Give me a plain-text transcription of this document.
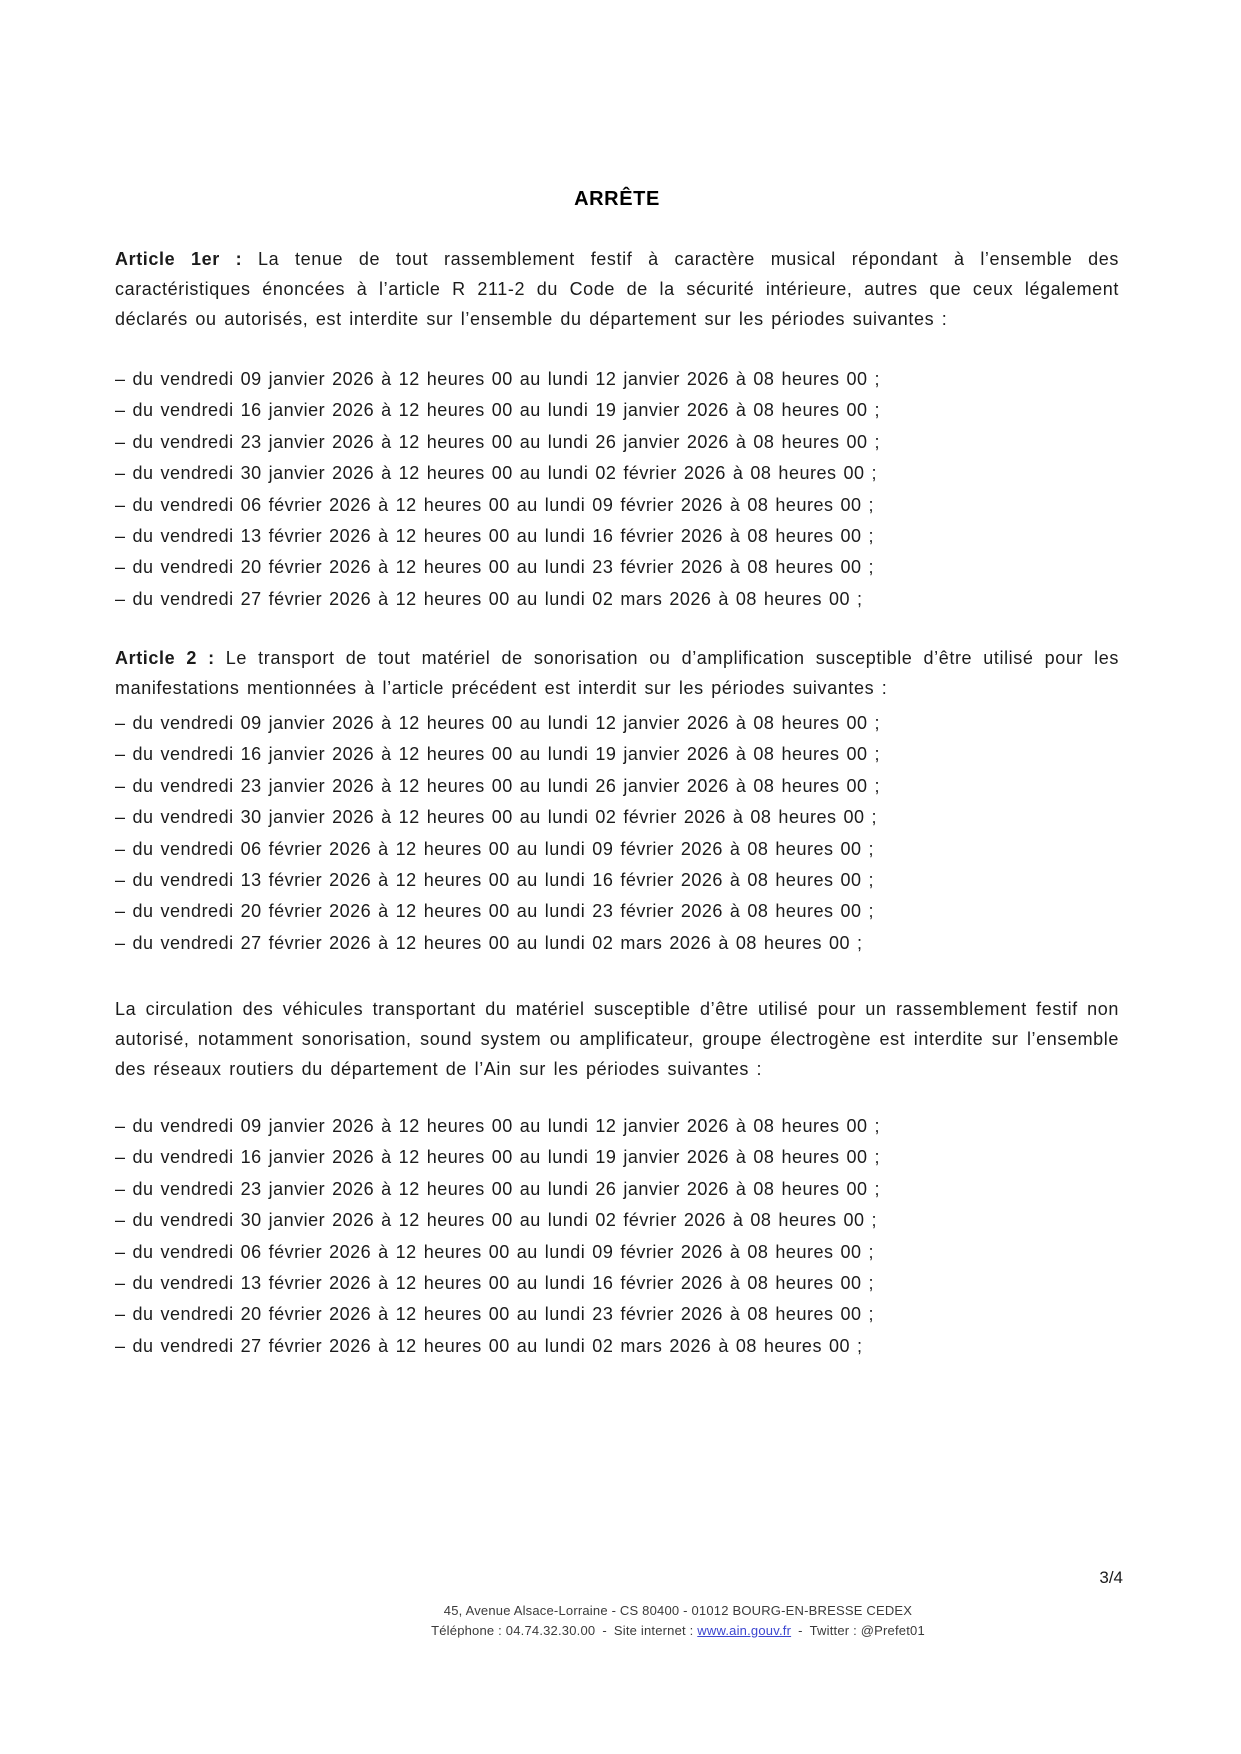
ARRÊTE

Article 1er : La tenue de tout rassemblement festif à caractère musical répondant à l’ensemble des caractéristiques énoncées à l’article R 211-2 du Code de la sécurité intérieure, autres que ceux légalement déclarés ou autorisés, est interdite sur l’ensemble du département sur les périodes suivantes :

– du vendredi 09 janvier 2026 à 12 heures 00 au lundi 12 janvier 2026 à 08 heures 00 ;
– du vendredi 16 janvier 2026 à 12 heures 00 au lundi 19 janvier 2026 à 08 heures 00 ;
– du vendredi 23 janvier 2026 à 12 heures 00 au lundi 26 janvier 2026 à 08 heures 00 ;
– du vendredi 30 janvier 2026 à 12 heures 00 au lundi 02 février 2026 à 08 heures 00 ;
– du vendredi 06 février 2026 à 12 heures 00 au lundi 09 février 2026 à 08 heures 00 ;
– du vendredi 13 février 2026 à 12 heures 00 au lundi 16 février 2026 à 08 heures 00 ;
– du vendredi 20 février 2026 à 12 heures 00 au lundi 23 février 2026 à 08 heures 00 ;
– du vendredi 27 février 2026 à 12 heures 00 au lundi 02 mars 2026 à 08 heures 00 ;

Article 2 : Le transport de tout matériel de sonorisation ou d’amplification susceptible d’être utilisé pour les manifestations mentionnées à l’article précédent est interdit sur les périodes suivantes :

– du vendredi 09 janvier 2026 à 12 heures 00 au lundi 12 janvier 2026 à 08 heures 00 ;
– du vendredi 16 janvier 2026 à 12 heures 00 au lundi 19 janvier 2026 à 08 heures 00 ;
– du vendredi 23 janvier 2026 à 12 heures 00 au lundi 26 janvier 2026 à 08 heures 00 ;
– du vendredi 30 janvier 2026 à 12 heures 00 au lundi 02 février 2026 à 08 heures 00 ;
– du vendredi 06 février 2026 à 12 heures 00 au lundi 09 février 2026 à 08 heures 00 ;
– du vendredi 13 février 2026 à 12 heures 00 au lundi 16 février 2026 à 08 heures 00 ;
– du vendredi 20 février 2026 à 12 heures 00 au lundi 23 février 2026 à 08 heures 00 ;
– du vendredi 27 février 2026 à 12 heures 00 au lundi 02 mars 2026 à 08 heures 00 ;

La circulation des véhicules transportant du matériel susceptible d’être utilisé pour un rassemblement festif non autorisé, notamment sonorisation, sound system ou amplificateur, groupe électrogène est interdite sur l’ensemble des réseaux routiers du département de l’Ain sur les périodes suivantes :

– du vendredi 09 janvier 2026 à 12 heures 00 au lundi 12 janvier 2026 à 08 heures 00 ;
– du vendredi 16 janvier 2026 à 12 heures 00 au lundi 19 janvier 2026 à 08 heures 00 ;
– du vendredi 23 janvier 2026 à 12 heures 00 au lundi 26 janvier 2026 à 08 heures 00 ;
– du vendredi 30 janvier 2026 à 12 heures 00 au lundi 02 février 2026 à 08 heures 00 ;
– du vendredi 06 février 2026 à 12 heures 00 au lundi 09 février 2026 à 08 heures 00 ;
– du vendredi 13 février 2026 à 12 heures 00 au lundi 16 février 2026 à 08 heures 00 ;
– du vendredi 20 février 2026 à 12 heures 00 au lundi 23 février 2026 à 08 heures 00 ;
– du vendredi 27 février 2026 à 12 heures 00 au lundi 02 mars 2026 à 08 heures 00 ;
3/4
45, Avenue Alsace-Lorraine - CS 80400 - 01012 BOURG-EN-BRESSE CEDEX
Téléphone : 04.74.32.30.00 - Site internet : www.ain.gouv.fr - Twitter : @Prefet01
